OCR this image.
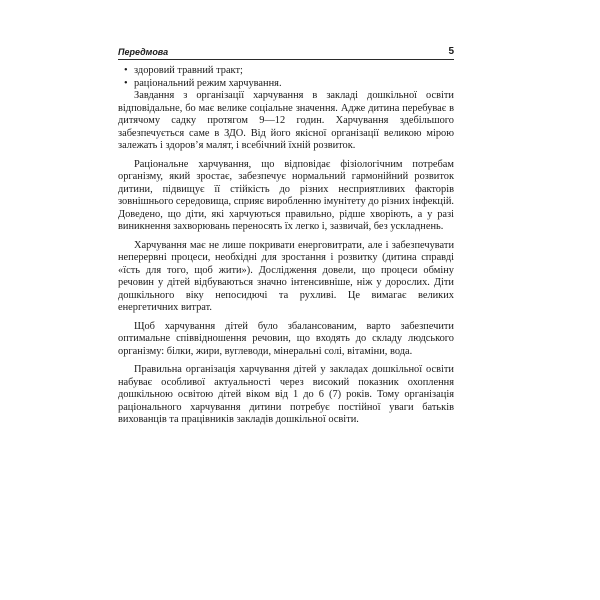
Передмова	5
• здоровий травний тракт;
• раціональний режим харчування.

Завдання з організації харчування в закладі дошкільної освіти відповідальне, бо має велике соціальне значення. Адже дитина перебуває в дитячому садку протягом 9—12 годин. Харчування здебільшого забезпечується саме в ЗДО. Від його якісної організації великою мірою залежать і здоров’я малят, і всебічний їхній розвиток.

Раціональне харчування, що відповідає фізіологічним потребам організму, який зростає, забезпечує нормальний гармонійний розвиток дитини, підвищує її стійкість до різних несприятливих факторів зовнішнього середовища, сприяє виробленню імунітету до різних інфекцій. Доведено, що діти, які харчуються правильно, рідше хворіють, а у разі виникнення захворювань переносять їх легко і, зазвичай, без ускладнень.

Харчування має не лише покривати енерговитрати, але і забезпечувати неперервні процеси, необхідні для зростання і розвитку (дитина справді «їсть для того, щоб жити»). Дослідження довели, що процеси обміну речовин у дітей відбуваються значно інтенсивніше, ніж у дорослих. Діти дошкільного віку непосидючі та рухливі. Це вимагає великих енергетичних витрат.

Щоб харчування дітей було збалансованим, варто забезпечити оптимальне співвідношення речовин, що входять до складу людського організму: білки, жири, вуглеводи, мінеральні солі, вітаміни, вода.

Правильна організація харчування дітей у закладах дошкільної освіти набуває особливої актуальності через високий показник охоплення дошкільною освітою дітей віком від 1 до 6 (7) років. Тому організація раціонального харчування дитини потребує постійної уваги батьків вихованців та працівників закладів дошкільної освіти.
